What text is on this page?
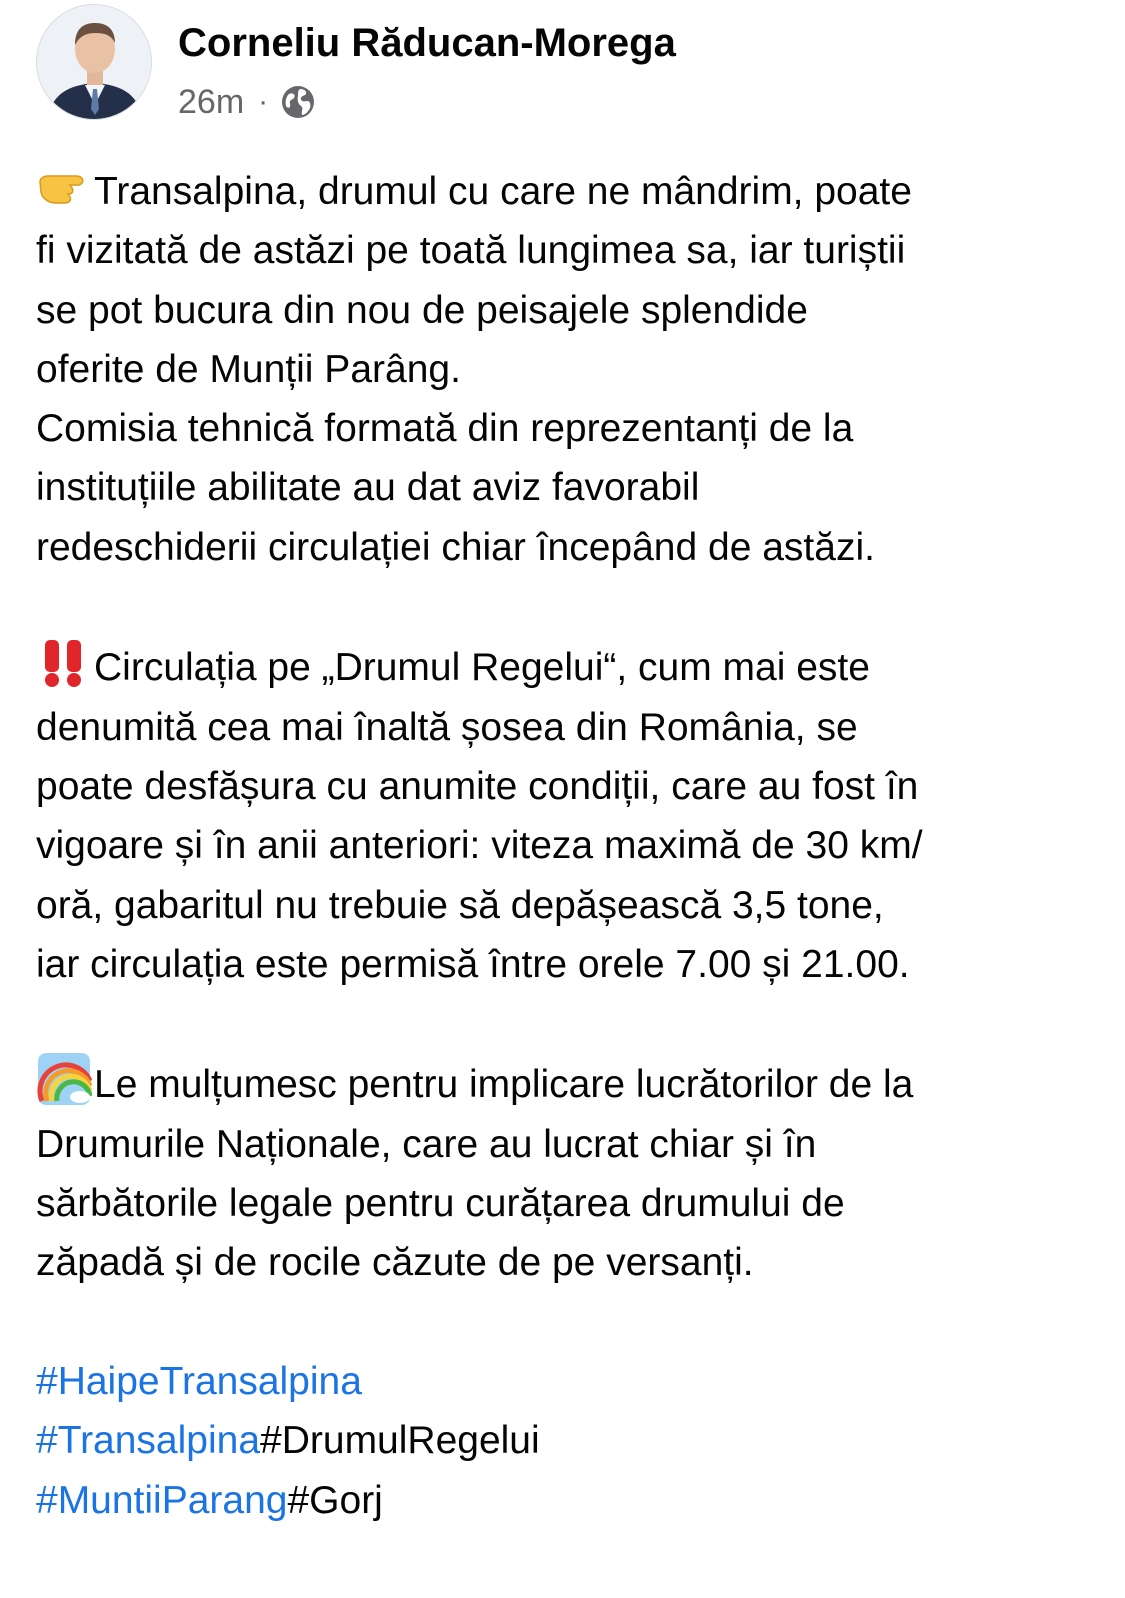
Corneliu Răducan-Morega
26m ·
Transalpina, drumul cu care ne mândrim, poate
fi vizitată de astăzi pe toată lungimea sa, iar turiștii
se pot bucura din nou de peisajele splendide
oferite de Munții Parâng.
Comisia tehnică formată din reprezentanți de la
instituțiile abilitate au dat aviz favorabil
redeschiderii circulației chiar începând de astăzi.
Circulația pe „Drumul Regelui“, cum mai este
denumită cea mai înaltă șosea din România, se
poate desfășura cu anumite condiții, care au fost în
vigoare și în anii anteriori: viteza maximă de 30 km/
oră, gabaritul nu trebuie să depășească 3,5 tone,
iar circulația este permisă între orele 7.00 și 21.00.
Le mulțumesc pentru implicare lucrătorilor de la
Drumurile Naționale, care au lucrat chiar și în
sărbătorile legale pentru curățarea drumului de
zăpadă și de rocile căzute de pe versanți.
#HaipeTransalpina
#Transalpina#DrumulRegelui
#MuntiiParang#Gorj
